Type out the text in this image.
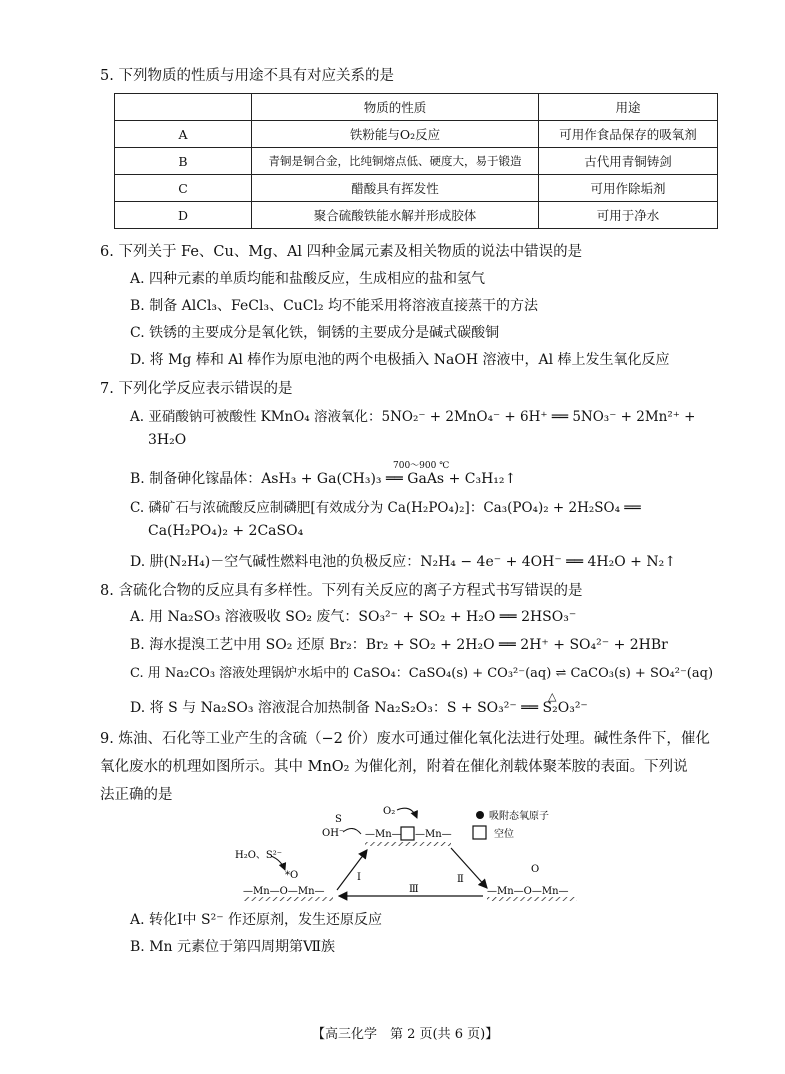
5. 下列物质的性质与用途不具有对应关系的是
	物质的性质	用途
A	铁粉能与O₂反应	可用作食品保存的吸氧剂
B	青铜是铜合金，比纯铜熔点低、硬度大，易于锻造	古代用青铜铸剑
C	醋酸具有挥发性	可用作除垢剂
D	聚合硫酸铁能水解并形成胶体	可用于净水
6. 下列关于 Fe、Cu、Mg、Al 四种金属元素及相关物质的说法中错误的是
A. 四种元素的单质均能和盐酸反应，生成相应的盐和氢气
B. 制备 AlCl₃、FeCl₃、CuCl₂ 均不能采用将溶液直接蒸干的方法
C. 铁锈的主要成分是氧化铁，铜锈的主要成分是碱式碳酸铜
D. 将 Mg 棒和 Al 棒作为原电池的两个电极插入 NaOH 溶液中，Al 棒上发生氧化反应
7. 下列化学反应表示错误的是
A. 亚硝酸钠可被酸性 KMnO₄ 溶液氧化：5NO₂⁻ + 2MnO₄⁻ + 6H⁺ ══ 5NO₃⁻ + 2Mn²⁺ +
3H₂O
700～900 ℃
B. 制备砷化镓晶体：AsH₃ + Ga(CH₃)₃ ══ GaAs + C₃H₁₂↑
C. 磷矿石与浓硫酸反应制磷肥[有效成分为 Ca(H₂PO₄)₂]：Ca₃(PO₄)₂ + 2H₂SO₄ ══
Ca(H₂PO₄)₂ + 2CaSO₄
D. 肼(N₂H₄)－空气碱性燃料电池的负极反应：N₂H₄ − 4e⁻ + 4OH⁻ ══ 4H₂O + N₂↑
8. 含硫化合物的反应具有多样性。下列有关反应的离子方程式书写错误的是
A. 用 Na₂SO₃ 溶液吸收 SO₂ 废气：SO₃²⁻ + SO₂ + H₂O ══ 2HSO₃⁻
B. 海水提溴工艺中用 SO₂ 还原 Br₂：Br₂ + SO₂ + 2H₂O ══ 2H⁺ + SO₄²⁻ + 2HBr
C. 用 Na₂CO₃ 溶液处理锅炉水垢中的 CaSO₄：CaSO₄(s) + CO₃²⁻(aq) ⇌ CaCO₃(s) + SO₄²⁻(aq)
△
D. 将 S 与 Na₂SO₃ 溶液混合加热制备 Na₂S₂O₃：S + SO₃²⁻ ══ S₂O₃²⁻
9. 炼油、石化等工业产生的含硫（−2 价）废水可通过催化氧化法进行处理。碱性条件下，催化
氧化废水的机理如图所示。其中 MnO₂ 为催化剂，附着在催化剂载体聚苯胺的表面。下列说
法正确的是
吸附态氧原子
空位
O₂
S
OH⁻ —Mn— —Mn—
H₂O、S²⁻
*O
—Mn—O—Mn—
O
—Mn—O—Mn—
Ⅰ	Ⅱ
Ⅲ
A. 转化Ⅰ中 S²⁻ 作还原剂，发生还原反应
B. Mn 元素位于第四周期第Ⅶ族
【高三化学　第 2 页(共 6 页)】
